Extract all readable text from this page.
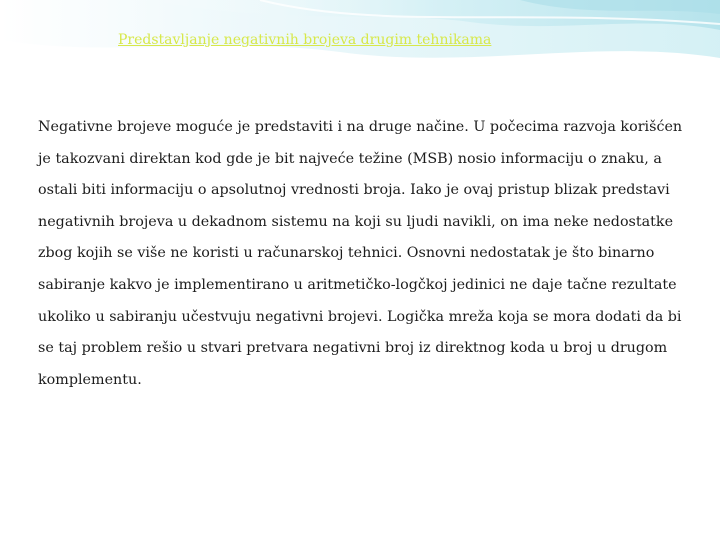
Predstavljanje negativnih brojeva drugim tehnikama

Negativne brojeve moguće je predstaviti i na druge načine. U počecima razvoja korišćen je takozvani direktan kod gde je bit najveće težine (MSB) nosio informaciju o znaku, a ostali biti informaciju o apsolutnoj vrednosti broja. Iako je ovaj pristup blizak predstavi negativnih brojeva u dekadnom sistemu na koji su ljudi navikli, on ima neke nedostatke zbog kojih se više ne koristi u računarskoj tehnici. Osnovni nedostatak je što binarno sabiranje kakvo je implementirano u aritmetičko-logčkoj jedinici ne daje tačne rezultate ukoliko u sabiranju učestvuju negativni brojevi. Logička mreža koja se mora dodati da bi se taj problem rešio u stvari pretvara negativni broj iz direktnog koda u broj u drugom komplementu.
